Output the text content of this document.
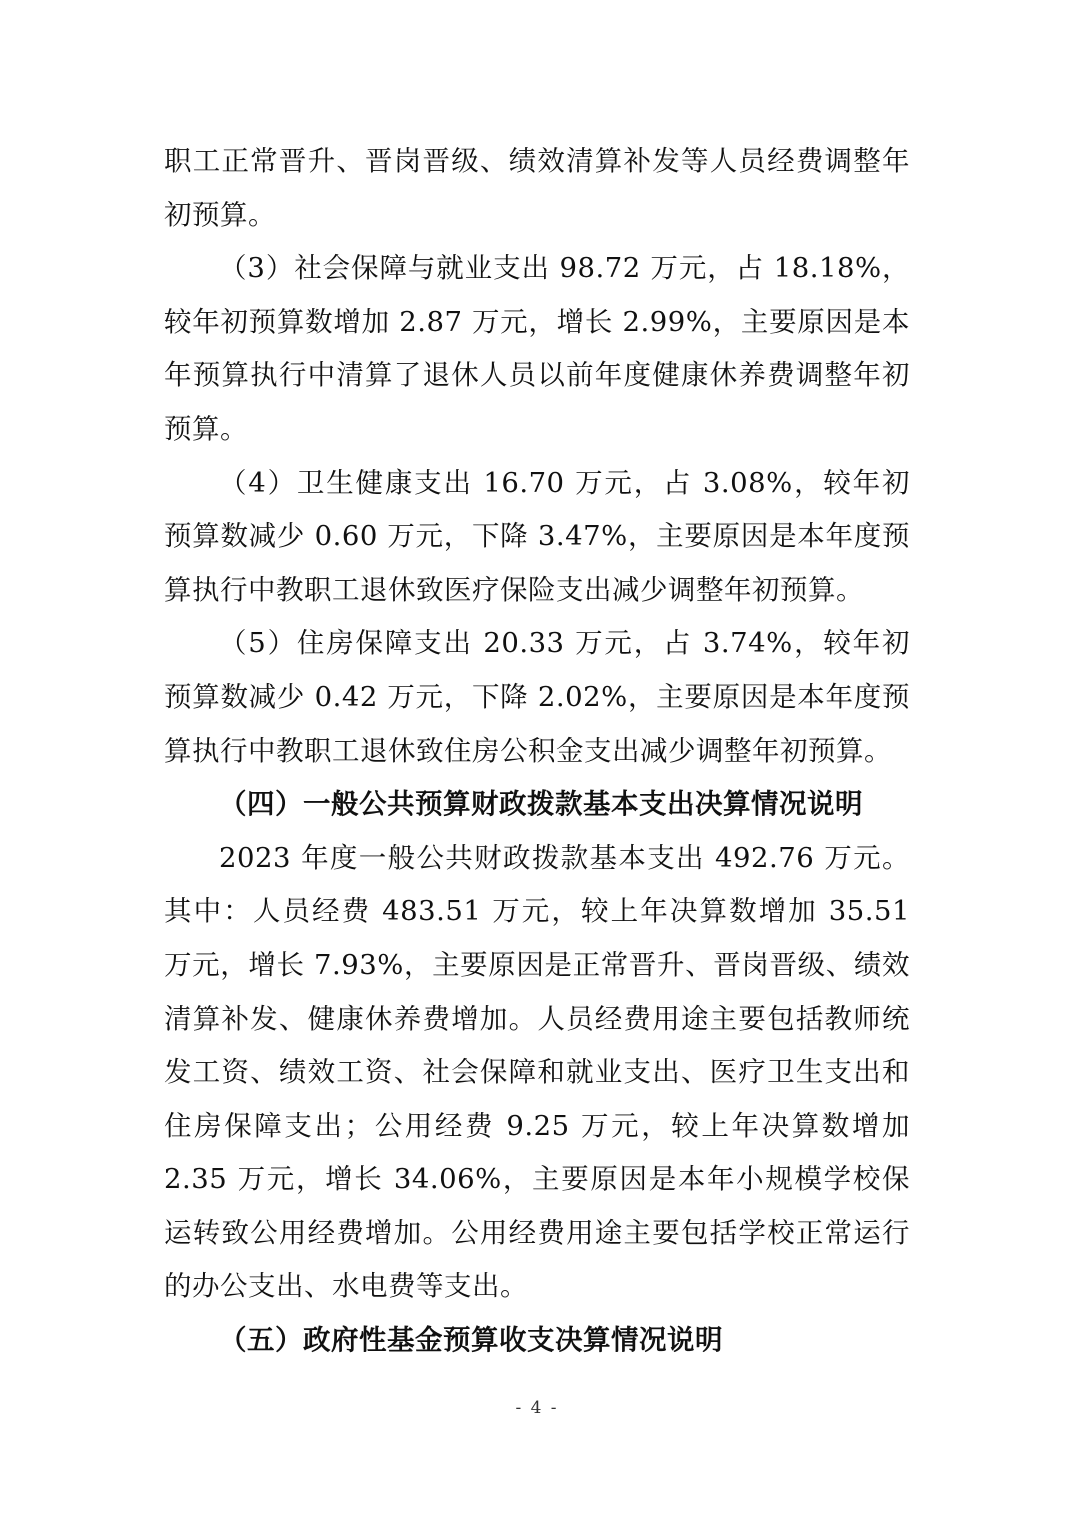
职工正常晋升、晋岗晋级、绩效清算补发等人员经费调整年初预算。

（3）社会保障与就业支出 98.72 万元，占 18.18%，较年初预算数增加 2.87 万元，增长 2.99%，主要原因是本年预算执行中清算了退休人员以前年度健康休养费调整年初预算。

（4）卫生健康支出 16.70 万元，占 3.08%，较年初预算数减少 0.60 万元，下降 3.47%，主要原因是本年度预算执行中教职工退休致医疗保险支出减少调整年初预算。

（5）住房保障支出 20.33 万元，占 3.74%，较年初预算数减少 0.42 万元，下降 2.02%，主要原因是本年度预算执行中教职工退休致住房公积金支出减少调整年初预算。

（四）一般公共预算财政拨款基本支出决算情况说明

2023 年度一般公共财政拨款基本支出 492.76 万元。其中：人员经费 483.51 万元，较上年决算数增加 35.51 万元，增长 7.93%，主要原因是正常晋升、晋岗晋级、绩效清算补发、健康休养费增加。人员经费用途主要包括教师统发工资、绩效工资、社会保障和就业支出、医疗卫生支出和住房保障支出；公用经费 9.25 万元，较上年决算数增加 2.35 万元，增长 34.06%，主要原因是本年小规模学校保运转致公用经费增加。公用经费用途主要包括学校正常运行的办公支出、水电费等支出。

（五）政府性基金预算收支决算情况说明

- 4 -
